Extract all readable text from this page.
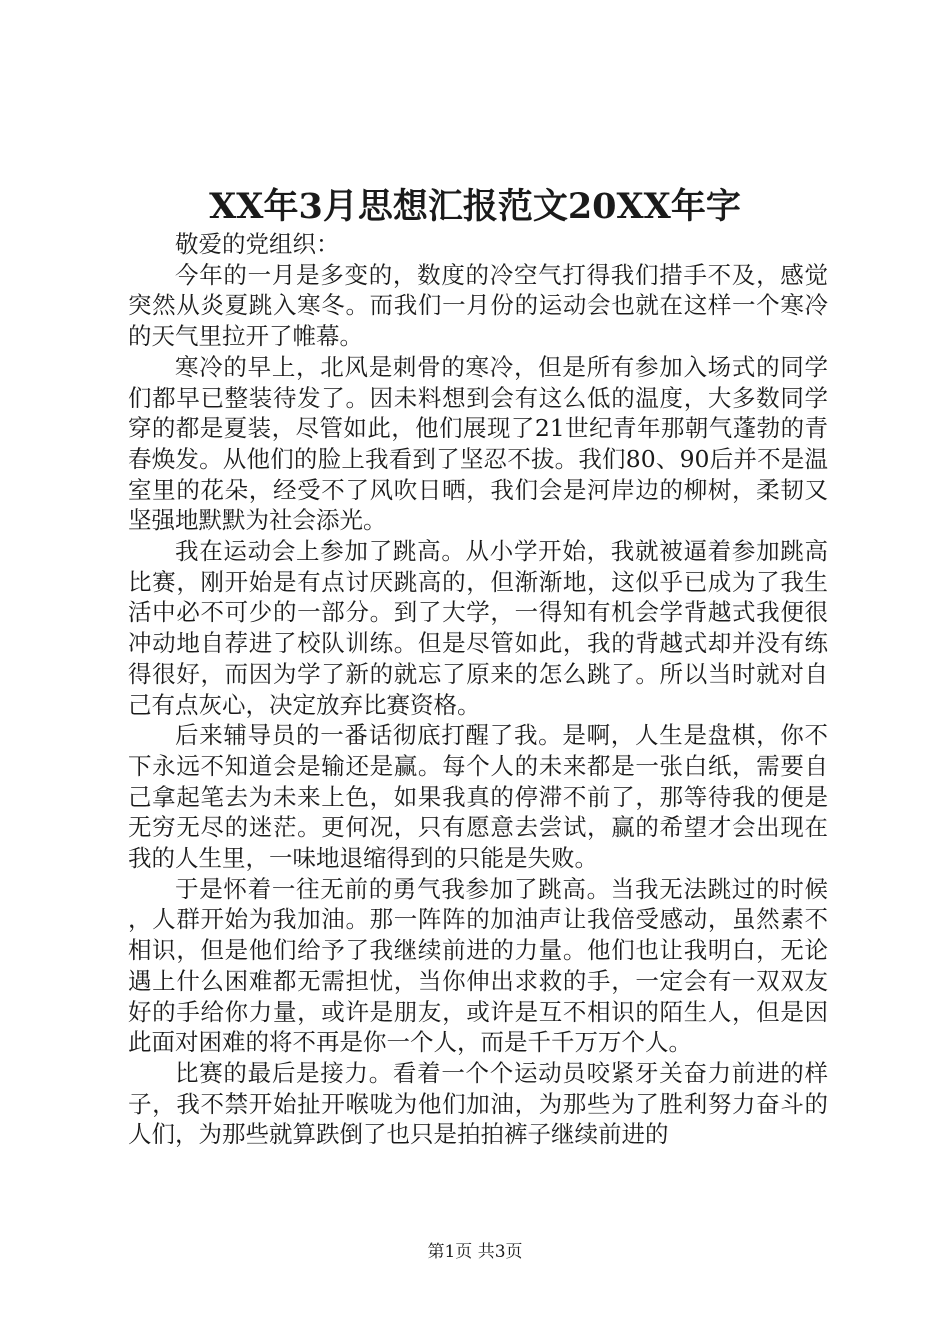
XX年3月思想汇报范文20XX年字

敬爱的党组织：

今年的一月是多变的，数度的冷空气打得我们措手不及，感觉突然从炎夏跳入寒冬。而我们一月份的运动会也就在这样一个寒冷的天气里拉开了帷幕。

寒冷的早上，北风是刺骨的寒冷，但是所有参加入场式的同学们都早已整装待发了。因未料想到会有这么低的温度，大多数同学穿的都是夏装，尽管如此，他们展现了21世纪青年那朝气蓬勃的青春焕发。从他们的脸上我看到了坚忍不拔。我们80、90后并不是温室里的花朵，经受不了风吹日晒，我们会是河岸边的柳树，柔韧又坚强地默默为社会添光。

我在运动会上参加了跳高。从小学开始，我就被逼着参加跳高比赛，刚开始是有点讨厌跳高的，但渐渐地，这似乎已成为了我生活中必不可少的一部分。到了大学，一得知有机会学背越式我便很冲动地自荐进了校队训练。但是尽管如此，我的背越式却并没有练得很好，而因为学了新的就忘了原来的怎么跳了。所以当时就对自己有点灰心，决定放弃比赛资格。

后来辅导员的一番话彻底打醒了我。是啊，人生是盘棋，你不下永远不知道会是输还是赢。每个人的未来都是一张白纸，需要自己拿起笔去为未来上色，如果我真的停滞不前了，那等待我的便是无穷无尽的迷茫。更何况，只有愿意去尝试，赢的希望才会出现在我的人生里，一味地退缩得到的只能是失败。

于是怀着一往无前的勇气我参加了跳高。当我无法跳过的时候，人群开始为我加油。那一阵阵的加油声让我倍受感动，虽然素不相识，但是他们给予了我继续前进的力量。他们也让我明白，无论遇上什么困难都无需担忧，当你伸出求救的手，一定会有一双双友好的手给你力量，或许是朋友，或许是互不相识的陌生人，但是因此面对困难的将不再是你一个人，而是千千万万个人。

比赛的最后是接力。看着一个个运动员咬紧牙关奋力前进的样子，我不禁开始扯开喉咙为他们加油，为那些为了胜利努力奋斗的人们，为那些就算跌倒了也只是拍拍裤子继续前进的

第1页 共3页
